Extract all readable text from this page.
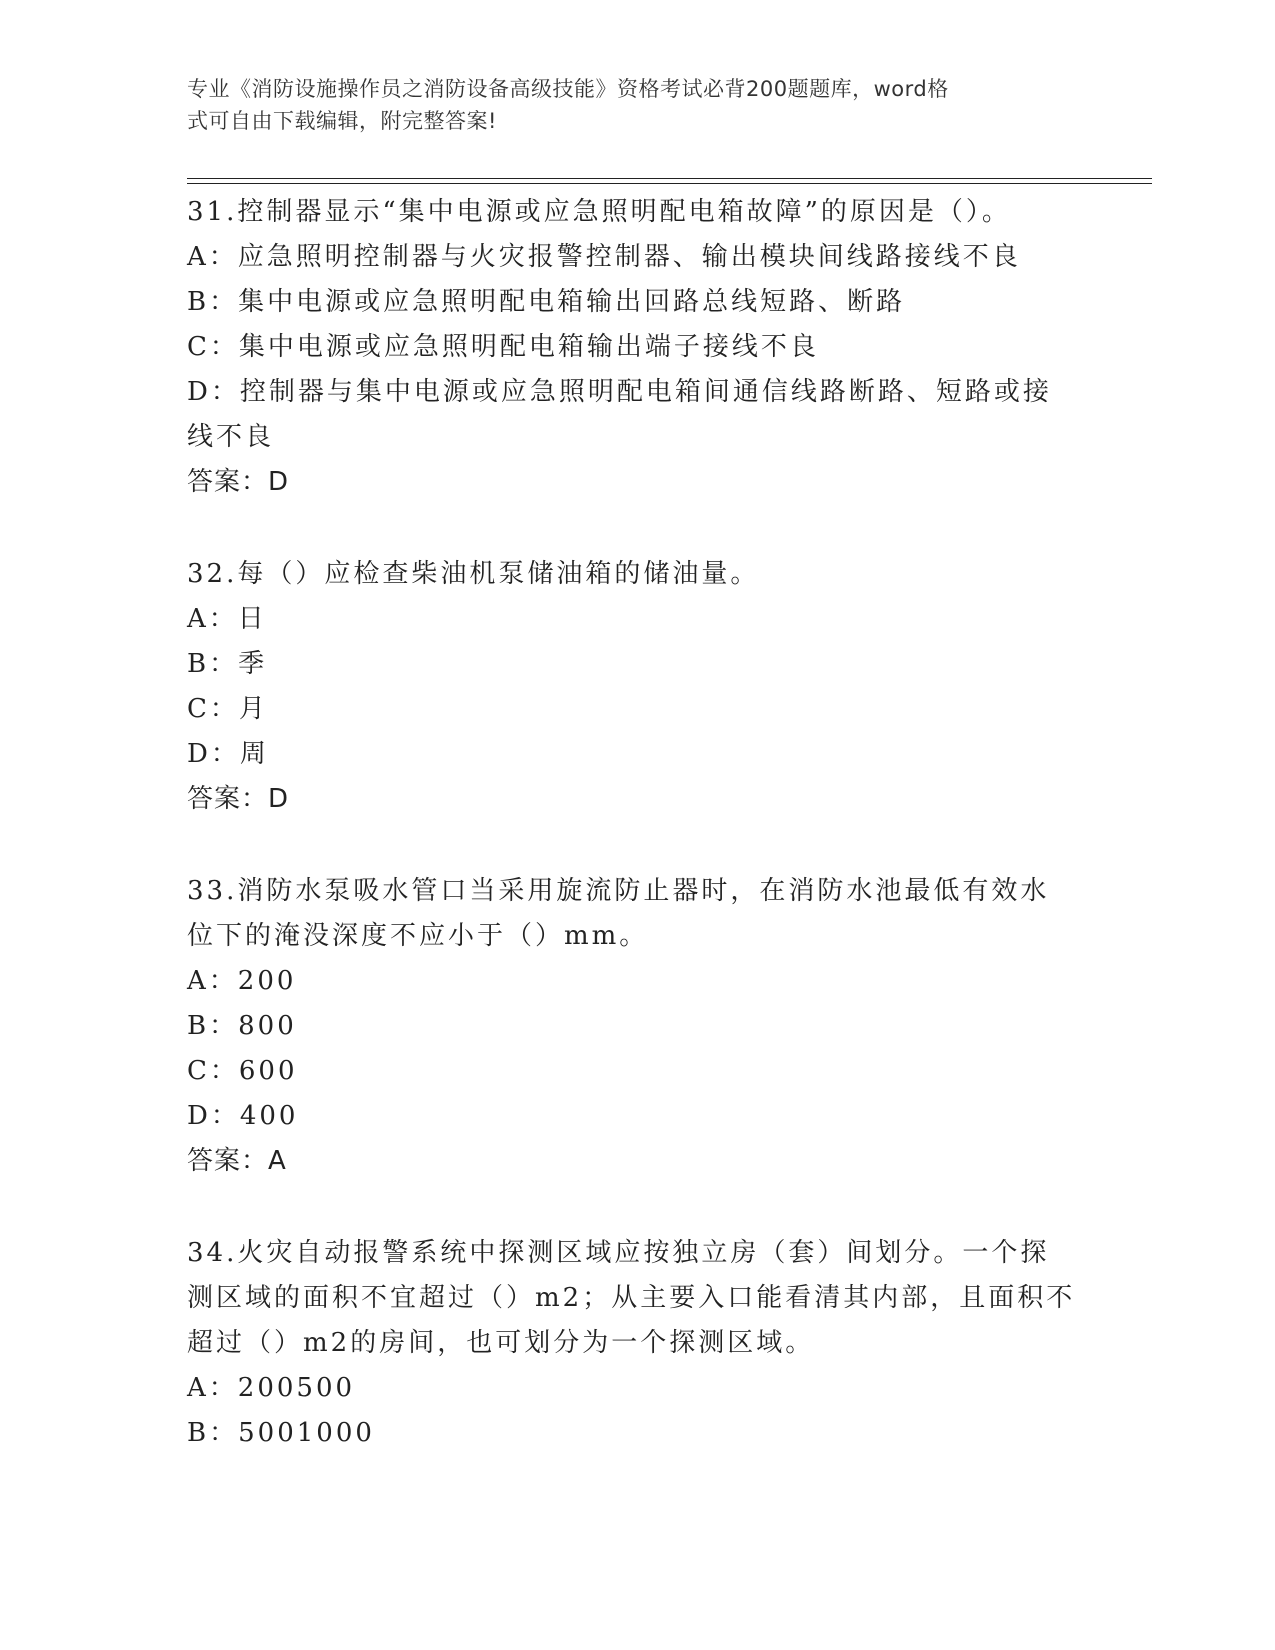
专业《消防设施操作员之消防设备高级技能》资格考试必背200题题库，word格
式可自由下载编辑，附完整答案!
31.控制器显示“集中电源或应急照明配电箱故障”的原因是（）。
A：应急照明控制器与火灾报警控制器、输出模块间线路接线不良
B：集中电源或应急照明配电箱输出回路总线短路、断路
C：集中电源或应急照明配电箱输出端子接线不良
D：控制器与集中电源或应急照明配电箱间通信线路断路、短路或接线不良
答案：D
32.每（）应检查柴油机泵储油箱的储油量。
A：日
B：季
C：月
D：周
答案：D
33.消防水泵吸水管口当采用旋流防止器时，在消防水池最低有效水位下的淹没深度不应小于（）mm。
A：200
B：800
C：600
D：400
答案：A
34.火灾自动报警系统中探测区域应按独立房（套）间划分。一个探测区域的面积不宜超过（）m2；从主要入口能看清其内部，且面积不超过（）m2的房间，也可划分为一个探测区域。
A：200500
B：5001000
